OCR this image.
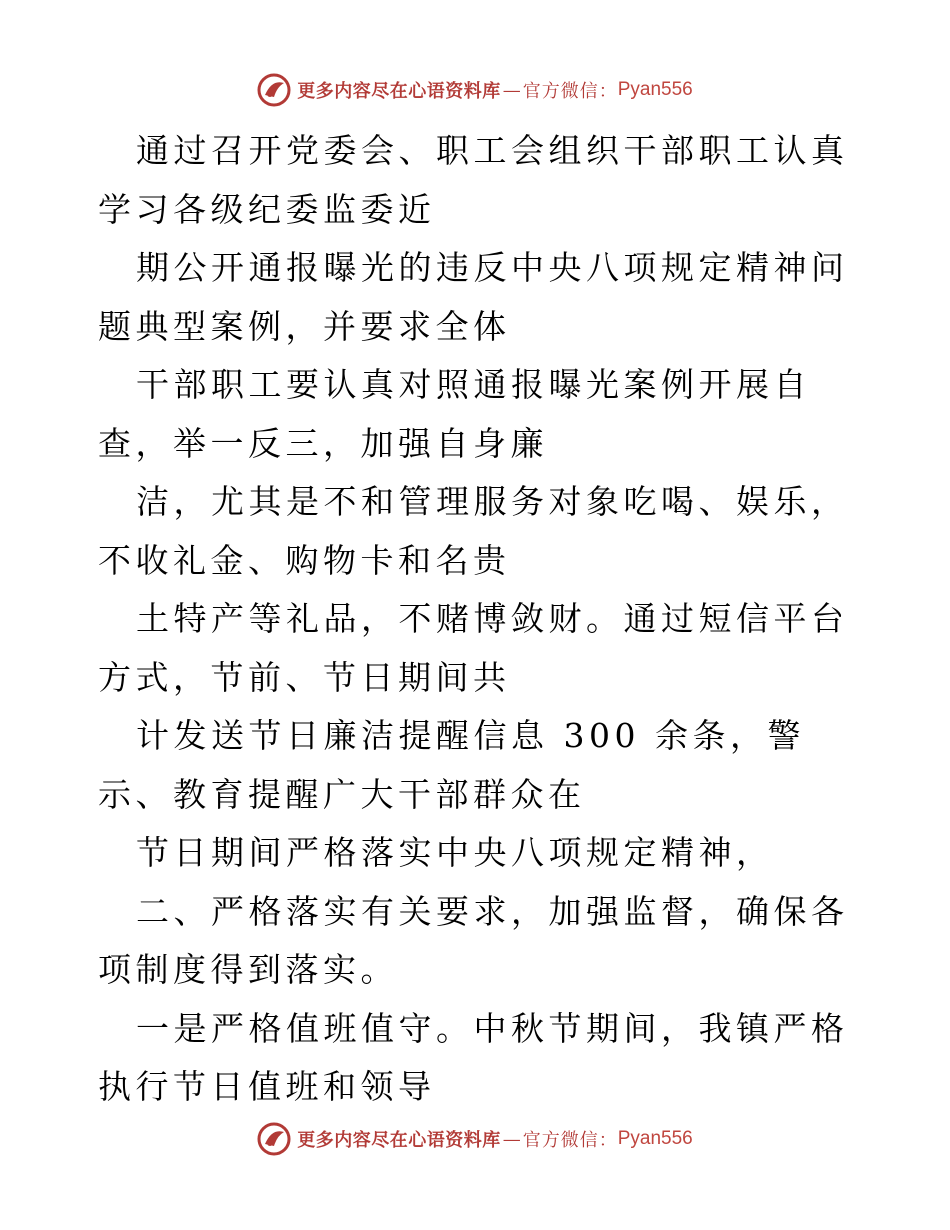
更多内容尽在心语资料库 — 官方微信： Pyan556

通过召开党委会、职工会组织干部职工认真学习各级纪委监委近

期公开通报曝光的违反中央八项规定精神问题典型案例，并要求全体

干部职工要认真对照通报曝光案例开展自查，举一反三，加强自身廉

洁，尤其是不和管理服务对象吃喝、娱乐，不收礼金、购物卡和名贵

土特产等礼品，不赌博敛财。通过短信平台方式，节前、节日期间共

计发送节日廉洁提醒信息 300 余条，警示、教育提醒广大干部群众在

节日期间严格落实中央八项规定精神，

二、严格落实有关要求，加强监督，确保各项制度得到落实。

一是严格值班值守。中秋节期间，我镇严格执行节日值班和领导

更多内容尽在心语资料库 — 官方微信： Pyan556
